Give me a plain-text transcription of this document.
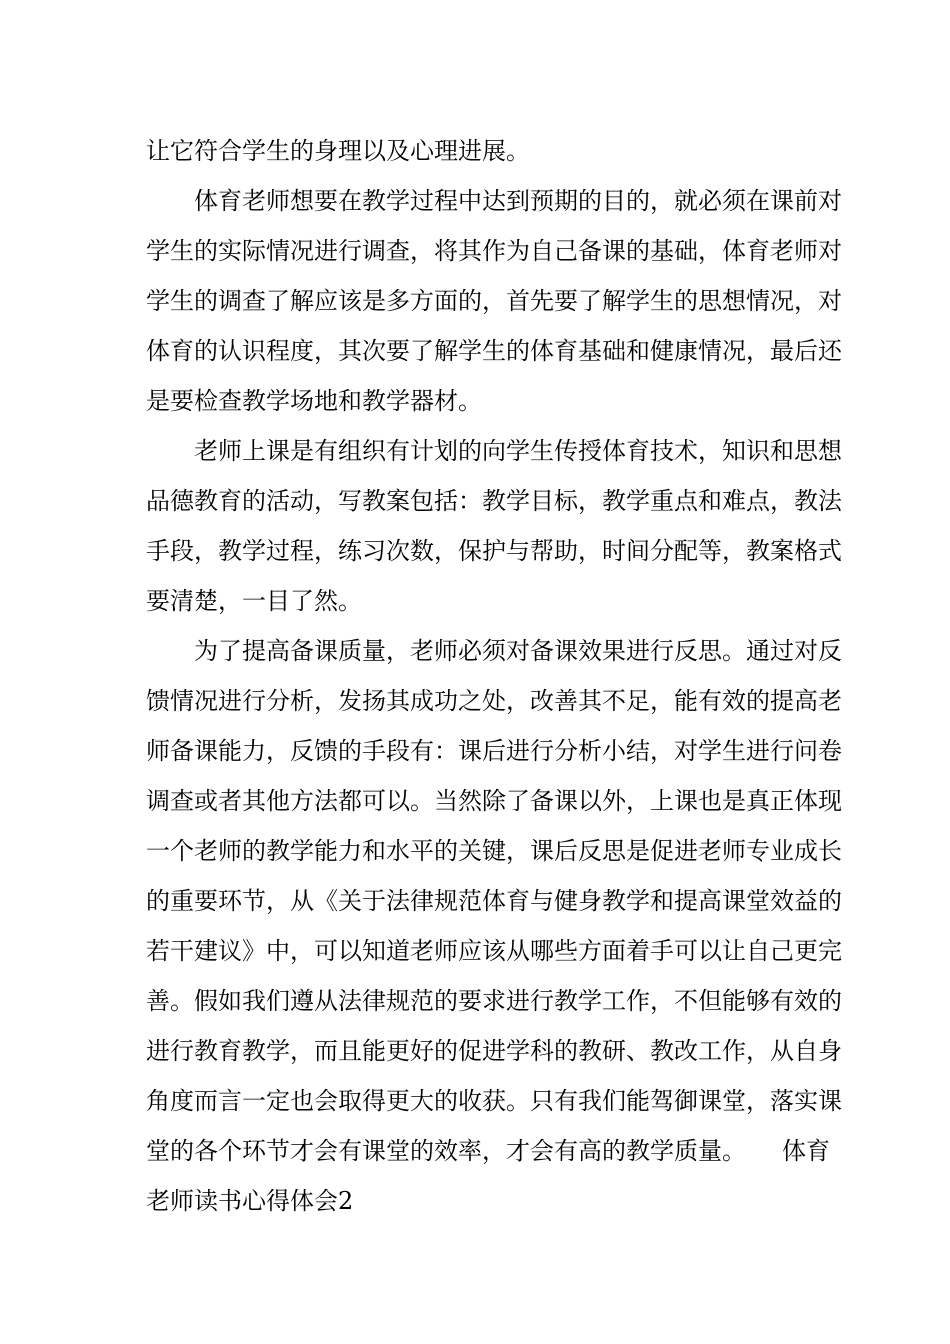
让它符合学生的身理以及心理进展。
体育老师想要在教学过程中达到预期的目的，就必须在课前对
学生的实际情况进行调查，将其作为自己备课的基础，体育老师对
学生的调查了解应该是多方面的，首先要了解学生的思想情况，对
体育的认识程度，其次要了解学生的体育基础和健康情况，最后还
是要检查教学场地和教学器材。
老师上课是有组织有计划的向学生传授体育技术，知识和思想
品德教育的活动，写教案包括：教学目标，教学重点和难点，教法
手段，教学过程，练习次数，保护与帮助，时间分配等，教案格式
要清楚，一目了然。
为了提高备课质量，老师必须对备课效果进行反思。通过对反
馈情况进行分析，发扬其成功之处，改善其不足，能有效的提高老
师备课能力，反馈的手段有：课后进行分析小结，对学生进行问卷
调查或者其他方法都可以。当然除了备课以外，上课也是真正体现
一个老师的教学能力和水平的关键，课后反思是促进老师专业成长
的重要环节，从《关于法律规范体育与健身教学和提高课堂效益的
若干建议》中，可以知道老师应该从哪些方面着手可以让自己更完
善。假如我们遵从法律规范的要求进行教学工作，不但能够有效的
进行教育教学，而且能更好的促进学科的教研、教改工作，从自身
角度而言一定也会取得更大的收获。只有我们能驾御课堂，落实课
堂的各个环节才会有课堂的效率，才会有高的教学质量。　　体育
老师读书心得体会2
